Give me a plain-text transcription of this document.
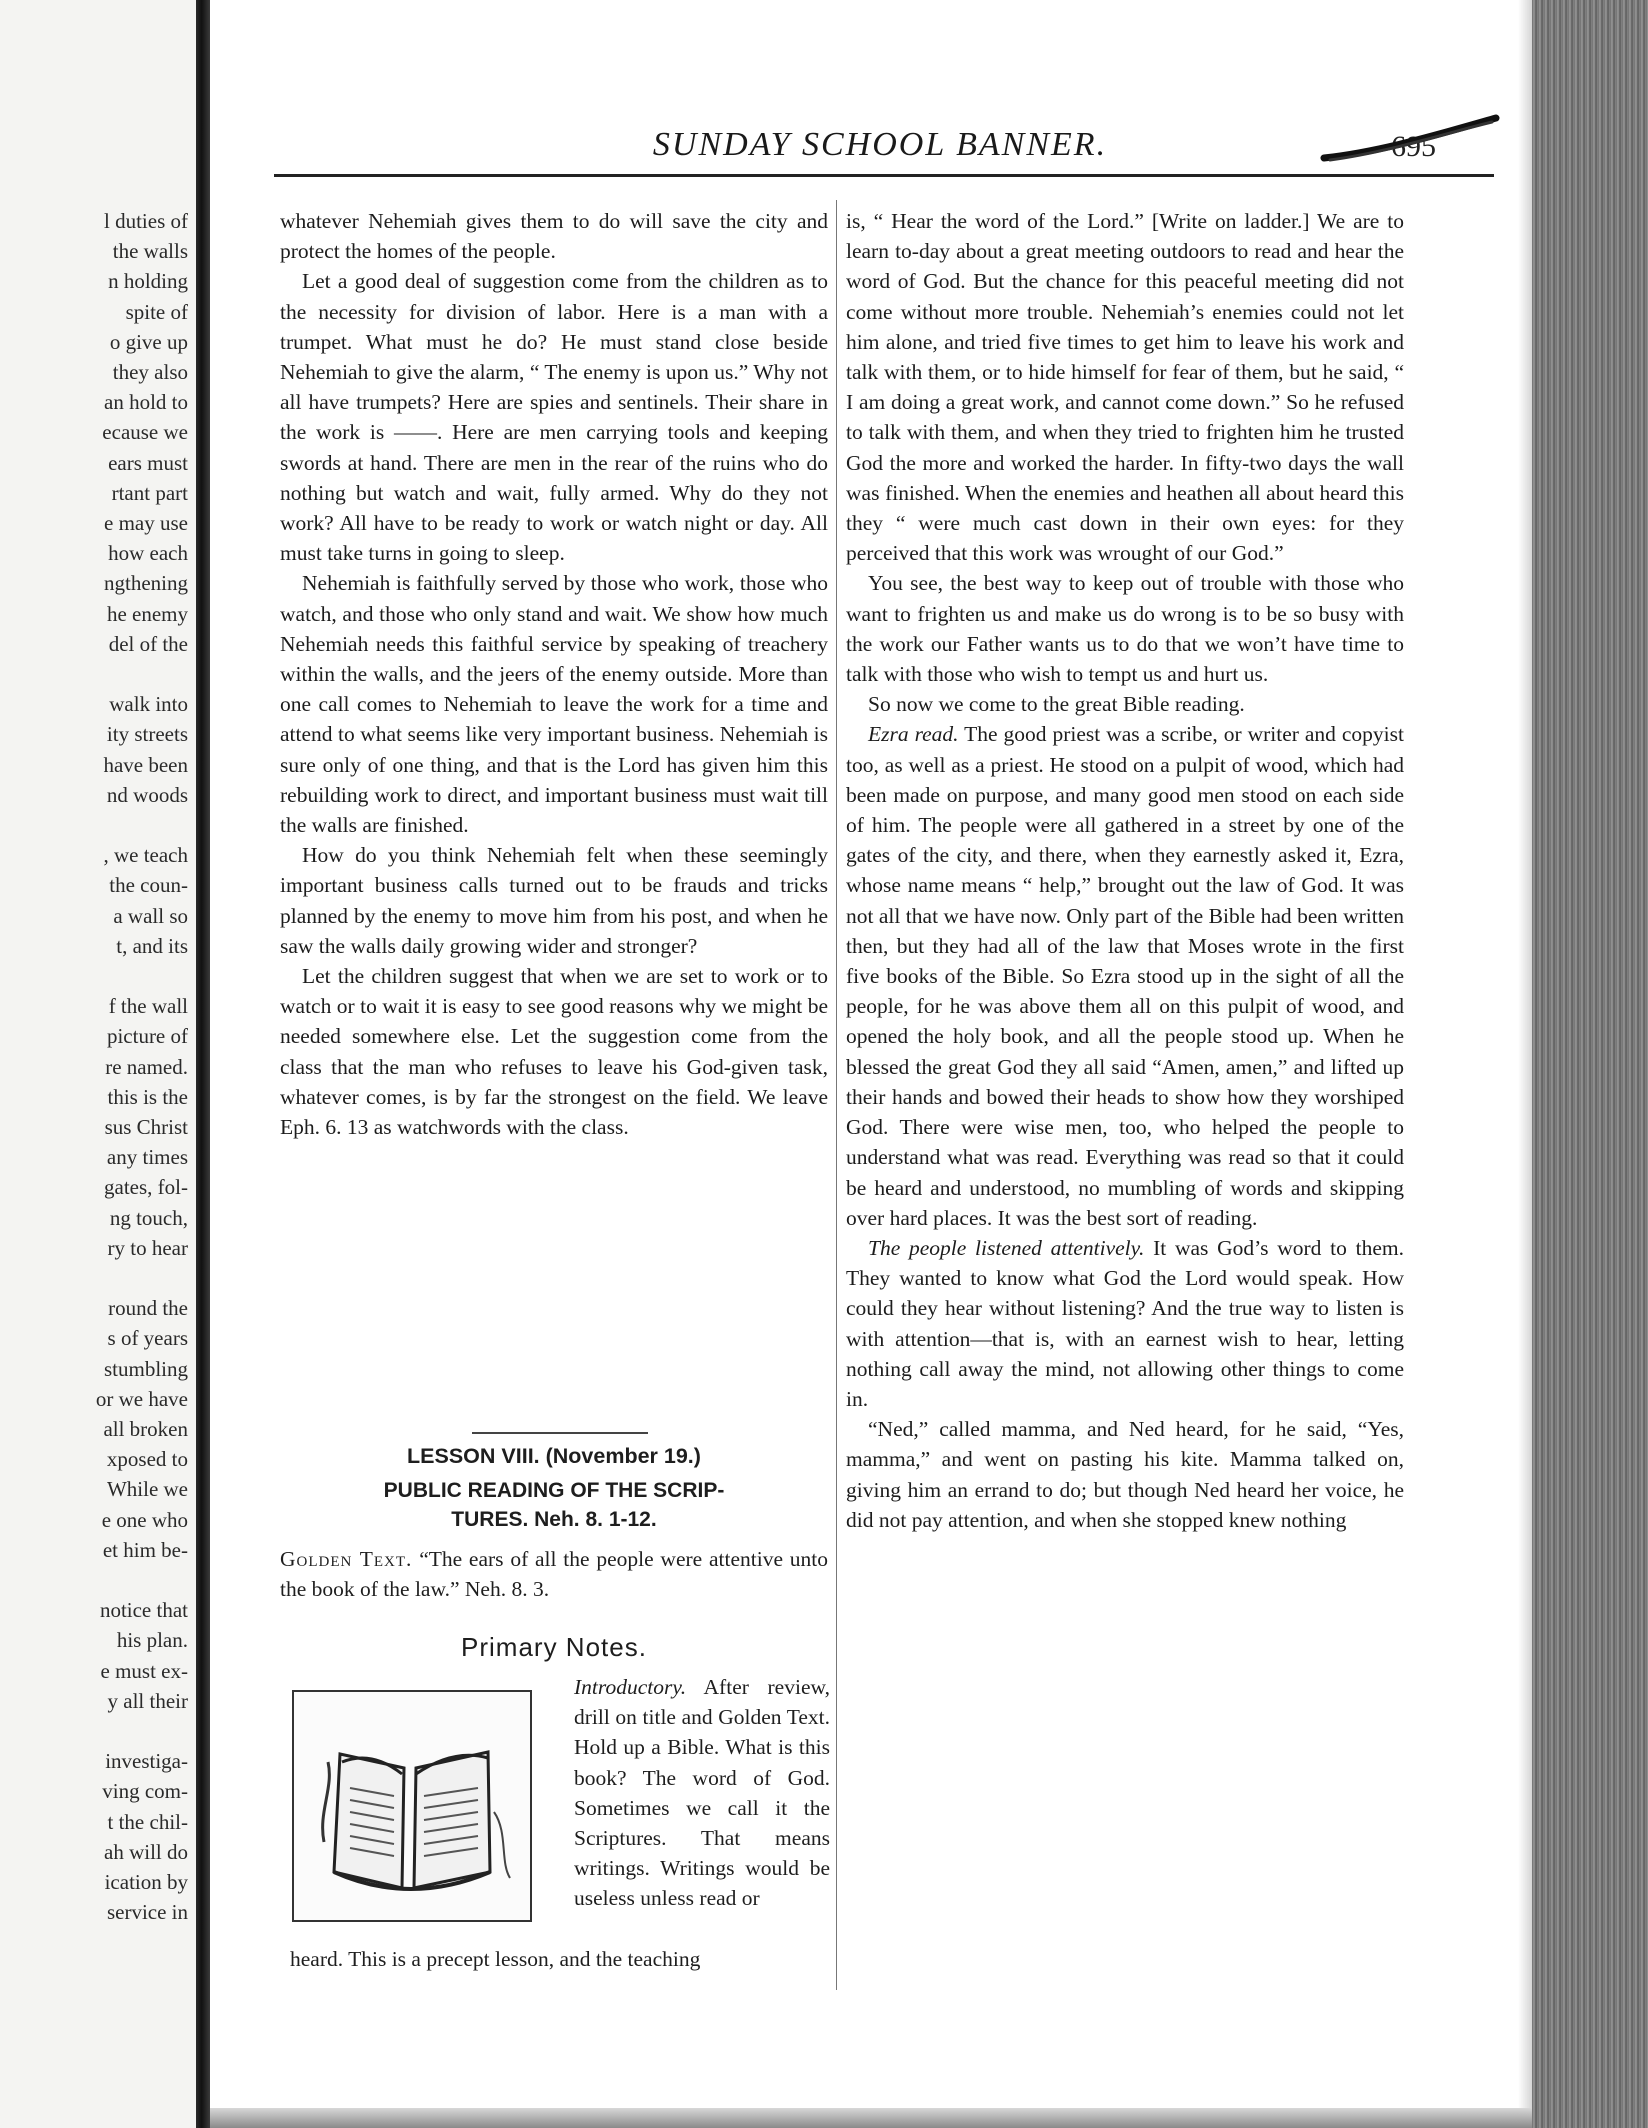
l duties of
the walls
n holding
spite of
o give up
they also
an hold to
ecause we
ears must
rtant part
e may use
how each
ngthening
he enemy
del of the
walk into
ity streets
have been
nd woods
, we teach
the coun-
a wall so
t, and its
f the wall
picture of
re named.
this is the
sus Christ
any times
gates, fol-
ng touch,
ry to hear
round the
s of years
stumbling
or we have
all broken
xposed to
While we
e one who
et him be-
notice that
his plan.
e must ex-
y all their
investiga-
ving com-
t the chil-
ah will do
ication by
service in
SUNDAY SCHOOL BANNER.	695

whatever Nehemiah gives them to do will save the city and protect the homes of the people.

Let a good deal of suggestion come from the children as to the necessity for division of labor. Here is a man with a trumpet. What must he do? He must stand close beside Nehemiah to give the alarm, “ The enemy is upon us.” Why not all have trumpets? Here are spies and sentinels. Their share in the work is ——. Here are men carrying tools and keeping swords at hand. There are men in the rear of the ruins who do nothing but watch and wait, fully armed. Why do they not work? All have to be ready to work or watch night or day. All must take turns in going to sleep.

Nehemiah is faithfully served by those who work, those who watch, and those who only stand and wait. We show how much Nehemiah needs this faithful service by speaking of treachery within the walls, and the jeers of the enemy outside. More than one call comes to Nehemiah to leave the work for a time and attend to what seems like very important business. Nehemiah is sure only of one thing, and that is the Lord has given him this rebuilding work to direct, and important business must wait till the walls are finished.

How do you think Nehemiah felt when these seemingly important business calls turned out to be frauds and tricks planned by the enemy to move him from his post, and when he saw the walls daily growing wider and stronger?

Let the children suggest that when we are set to work or to watch or to wait it is easy to see good reasons why we might be needed somewhere else. Let the suggestion come from the class that the man who refuses to leave his God-given task, whatever comes, is by far the strongest on the field. We leave Eph. 6. 13 as watchwords with the class.

LESSON VIII. (November 19.)
PUBLIC READING OF THE SCRIP-
TURES. Neh. 8. 1-12.
Golden Text. “The ears of all the people were attentive unto the book of the law.” Neh. 8. 3.
Primary Notes.
Introductory. After review, drill on title and Golden Text. Hold up a Bible. What is this book? The word of God. Sometimes we call it the Scriptures. That means writings. Writings would be useless unless read or
heard. This is a precept lesson, and the teaching

is, “ Hear the word of the Lord.” [Write on ladder.] We are to learn to-day about a great meeting outdoors to read and hear the word of God. But the chance for this peaceful meeting did not come without more trouble. Nehemiah’s enemies could not let him alone, and tried five times to get him to leave his work and talk with them, or to hide himself for fear of them, but he said, “ I am doing a great work, and cannot come down.” So he refused to talk with them, and when they tried to frighten him he trusted God the more and worked the harder. In fifty-two days the wall was finished. When the enemies and heathen all about heard this they “ were much cast down in their own eyes: for they perceived that this work was wrought of our God.”

You see, the best way to keep out of trouble with those who want to frighten us and make us do wrong is to be so busy with the work our Father wants us to do that we won’t have time to talk with those who wish to tempt us and hurt us.

So now we come to the great Bible reading.

Ezra read. The good priest was a scribe, or writer and copyist too, as well as a priest. He stood on a pulpit of wood, which had been made on purpose, and many good men stood on each side of him. The people were all gathered in a street by one of the gates of the city, and there, when they earnestly asked it, Ezra, whose name means “ help,” brought out the law of God. It was not all that we have now. Only part of the Bible had been written then, but they had all of the law that Moses wrote in the first five books of the Bible. So Ezra stood up in the sight of all the people, for he was above them all on this pulpit of wood, and opened the holy book, and all the people stood up. When he blessed the great God they all said “Amen, amen,” and lifted up their hands and bowed their heads to show how they worshiped God. There were wise men, too, who helped the people to understand what was read. Everything was read so that it could be heard and understood, no mumbling of words and skipping over hard places. It was the best sort of reading.

The people listened attentively. It was God’s word to them. They wanted to know what God the Lord would speak. How could they hear without listening? And the true way to listen is with attention—that is, with an earnest wish to hear, letting nothing call away the mind, not allowing other things to come in.

“Ned,” called mamma, and Ned heard, for he said, “Yes, mamma,” and went on pasting his kite. Mamma talked on, giving him an errand to do; but though Ned heard her voice, he did not pay attention, and when she stopped knew nothing
